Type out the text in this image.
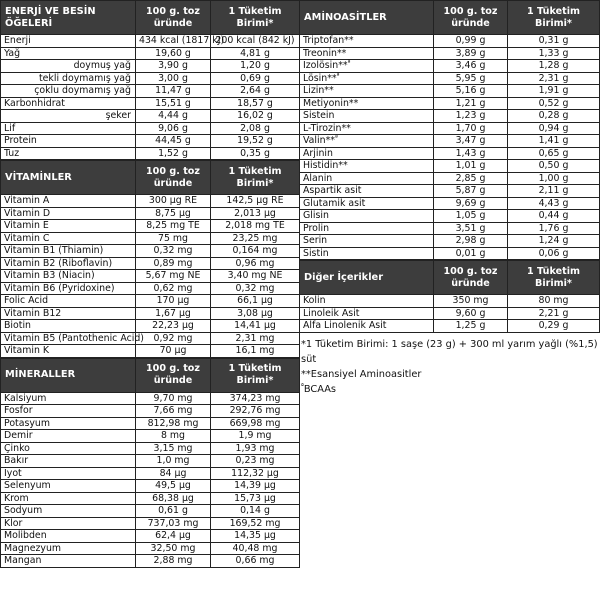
ENERJİ VE BESİN ÖĞELERİ	100 g. toz üründe	1 Tüketim Birimi*
Enerji	434 kcal (1817 kJ)	200 kcal (842 kJ)
Yağ	19,60 g	4,81 g
doymuş yağ	3,90 g	1,20 g
tekli doymamış yağ	3,00 g	0,69 g
çoklu doymamış yağ	11,47 g	2,64 g
Karbonhidrat	15,51 g	18,57 g
şeker	4,44 g	16,02 g
Lif	9,06 g	2,08 g
Protein	44,45 g	19,52 g
Tuz	1,52 g	0,35 g
VİTAMİNLER	100 g. toz üründe	1 Tüketim Birimi*
Vitamin A	300 µg RE	142,5 µg RE
Vitamin D	8,75 µg	2,013 µg
Vitamin E	8,25 mg TE	2,018 mg TE
Vitamin C	75 mg	23,25 mg
Vitamin B1 (Thiamin)	0,32 mg	0,164 mg
Vitamin B2 (Riboflavin)	0,89 mg	0,96 mg
Vitamin B3 (Niacin)	5,67 mg NE	3,40 mg NE
Vitamin B6 (Pyridoxine)	0,62 mg	0,32 mg
Folic Acid	170 µg	66,1 µg
Vitamin B12	1,67 µg	3,08 µg
Biotin	22,23 µg	14,41 µg
Vitamin B5 (Pantothenic Acid)	0,92 mg	2,31 mg
Vitamin K	70 µg	16,1 mg
MİNERALLER	100 g. toz üründe	1 Tüketim Birimi*
Kalsiyum	9,70 mg	374,23 mg
Fosfor	7,66 mg	292,76 mg
Potasyum	812,98 mg	669,98 mg
Demir	8 mg	1,9 mg
Çinko	3,15 mg	1,93 mg
Bakır	1,0 mg	0,23 mg
İyot	84 µg	112,32 µg
Selenyum	49,5 µg	14,39 µg
Krom	68,38 µg	15,73 µg
Sodyum	0,61 g	0,14 g
Klor	737,03 mg	169,52 mg
Molibden	62,4 µg	14,35 µg
Magnezyum	32,50 mg	40,48 mg
Mangan	2,88 mg	0,66 mg
AMİNOASİTLER	100 g. toz üründe	1 Tüketim Birimi*
Triptofan**	0,99 g	0,31 g
Treonin**	3,89 g	1,33 g
İzolösin**$^ª$	3,46 g	1,28 g
Lösin**$^ª$	5,95 g	2,31 g
Lizin**	5,16 g	1,91 g
Metiyonin**	1,21 g	0,52 g
Sistein	1,23 g	0,28 g
L-Tirozin**	1,70 g	0,94 g
Valin**$^ª$	3,47 g	1,41 g
Arjinin	1,43 g	0,65 g
Histidin**	1,01 g	0,50 g
Alanin	2,85 g	1,00 g
Aspartik asit	5,87 g	2,11 g
Glutamik asit	9,69 g	4,43 g
Glisin	1,05 g	0,44 g
Prolin	3,51 g	1,76 g
Serin	2,98 g	1,24 g
Sistin	0,01 g	0,06 g
Diğer İçerikler	100 g. toz üründe	1 Tüketim Birimi*
Kolin	350 mg	80 mg
Linoleik Asit	9,60 g	2,21 g
Alfa Linolenik Asit	1,25 g	0,29 g
*1 Tüketim Birimi: 1 saşe (23 g) + 300 ml yarım yağlı (%1,5) süt
**Esansiyel Aminoasitler
$^ª$BCAAs
